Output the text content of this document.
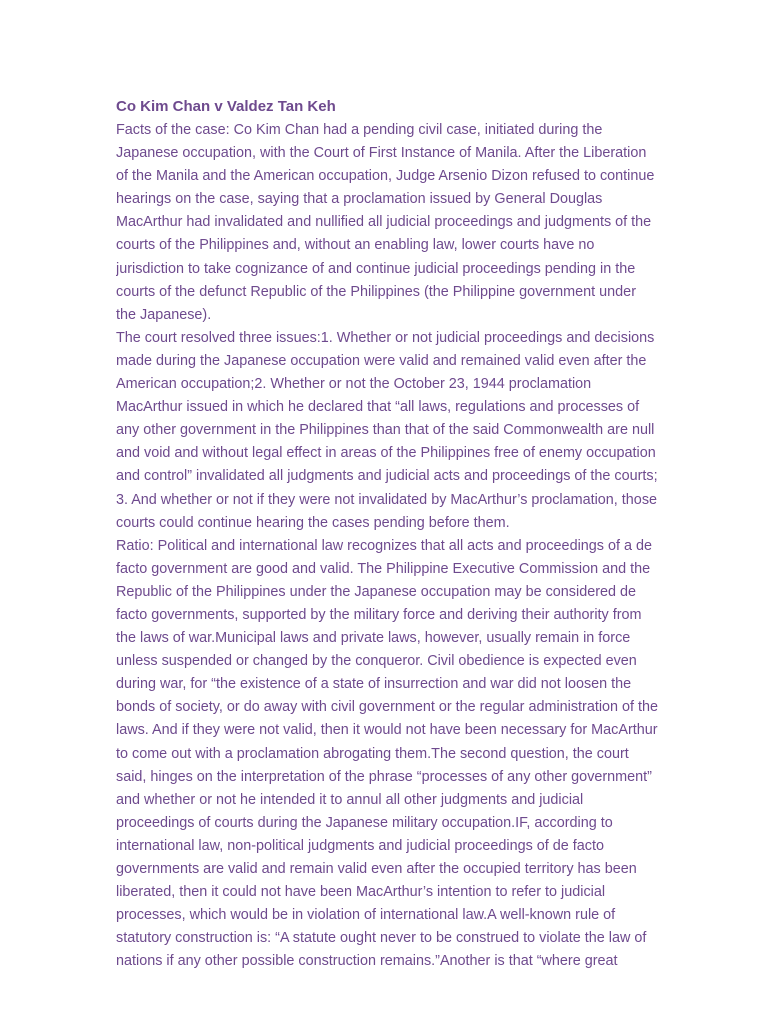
Co Kim Chan v Valdez Tan Keh
Facts of the case: Co Kim Chan had a pending civil case, initiated during the
Japanese occupation, with the Court of First Instance of Manila. After the Liberation
of the Manila and the American occupation, Judge Arsenio Dizon refused to continue
hearings on the case, saying that a proclamation issued by General Douglas
MacArthur had invalidated and nullified all judicial proceedings and judgments of the
courts of the Philippines and, without an enabling law, lower courts have no
jurisdiction to take cognizance of and continue judicial proceedings pending in the
courts of the defunct Republic of the Philippines (the Philippine government under
the Japanese).
The court resolved three issues:1. Whether or not judicial proceedings and decisions
made during the Japanese occupation were valid and remained valid even after the
American occupation;2. Whether or not the October 23, 1944 proclamation
MacArthur issued in which he declared that “all laws, regulations and processes of
any other government in the Philippines than that of the said Commonwealth are null
and void and without legal effect in areas of the Philippines free of enemy occupation
and control” invalidated all judgments and judicial acts and proceedings of the courts;
3. And whether or not if they were not invalidated by MacArthur’s proclamation, those
courts could continue hearing the cases pending before them.
Ratio: Political and international law recognizes that all acts and proceedings of a de
facto government are good and valid. The Philippine Executive Commission and the
Republic of the Philippines under the Japanese occupation may be considered de
facto governments, supported by the military force and deriving their authority from
the laws of war.Municipal laws and private laws, however, usually remain in force
unless suspended or changed by the conqueror. Civil obedience is expected even
during war, for “the existence of a state of insurrection and war did not loosen the
bonds of society, or do away with civil government or the regular administration of the
laws. And if they were not valid, then it would not have been necessary for MacArthur
to come out with a proclamation abrogating them.The second question, the court
said, hinges on the interpretation of the phrase “processes of any other government”
and whether or not he intended it to annul all other judgments and judicial
proceedings of courts during the Japanese military occupation.IF, according to
international law, non-political judgments and judicial proceedings of de facto
governments are valid and remain valid even after the occupied territory has been
liberated, then it could not have been MacArthur’s intention to refer to judicial
processes, which would be in violation of international law.A well-known rule of
statutory construction is: “A statute ought never to be construed to violate the law of
nations if any other possible construction remains.”Another is that “where great
